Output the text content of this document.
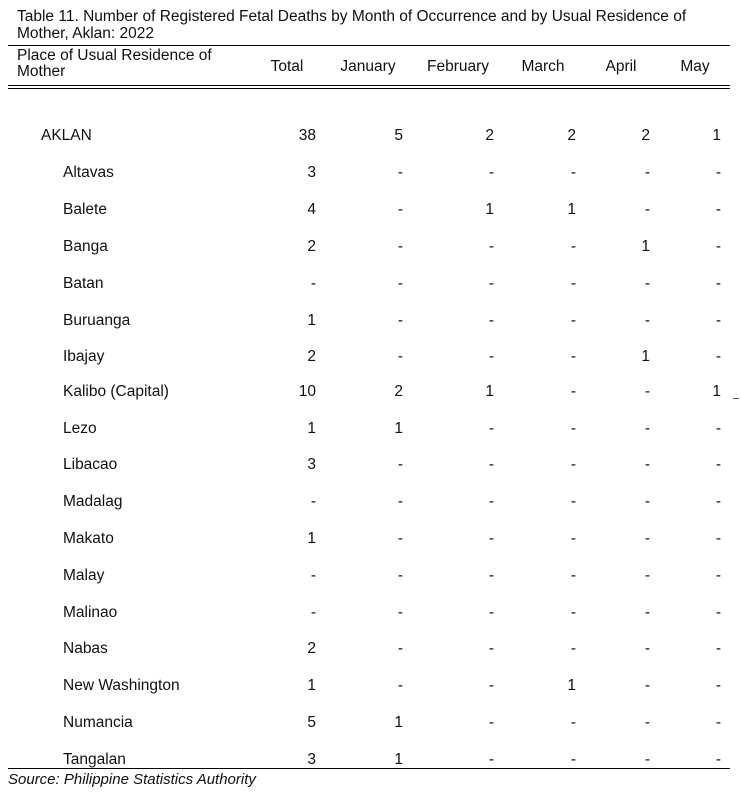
Table 11. Number of Registered Fetal Deaths by Month of Occurrence and by Usual Residence of Mother, Aklan: 2022
Place of Usual Residence of Mother	Total	January	February	March	April	May
AKLAN	38	5	2	2	2	1
Altavas	3	-	-	-	-	-
Balete	4	-	1	1	-	-
Banga	2	-	-	-	1	-
Batan	-	-	-	-	-	-
Buruanga	1	-	-	-	-	-
Ibajay	2	-	-	-	1	-
Kalibo (Capital)	10	2	1	-	-	1
Lezo	1	1	-	-	-	-
Libacao	3	-	-	-	-	-
Madalag	-	-	-	-	-	-
Makato	1	-	-	-	-	-
Malay	-	-	-	-	-	-
Malinao	-	-	-	-	-	-
Nabas	2	-	-	-	-	-
New Washington	1	-	-	1	-	-
Numancia	5	1	-	-	-	-
Tangalan	3	1	-	-	-	-
Source: Philippine Statistics Authority
